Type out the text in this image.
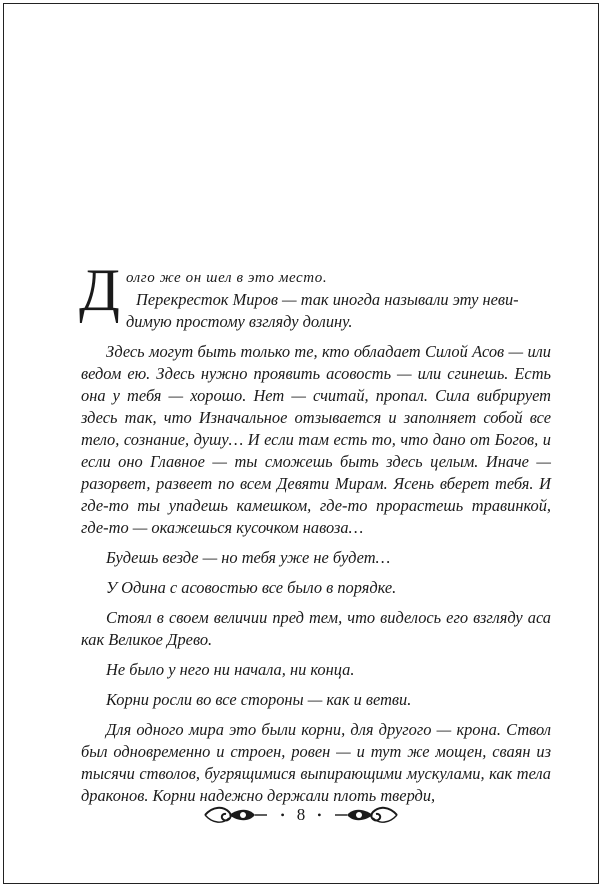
Д олго же он шел в это место.
Перекресток Миров — так иногда называли эту неви-
димую простому взгляду долину.

Здесь могут быть только те, кто обладает Силой Асов — или ведом ею. Здесь нужно проявить асовость — или сгинешь. Есть она у тебя — хорошо. Нет — считай, пропал. Сила вибрирует здесь так, что Изначальное отзывается и заполняет собой все тело, сознание, душу… И если там есть то, что дано от Богов, и если оно Главное — ты сможешь быть здесь целым. Иначе — разорвет, развеет по всем Девяти Мирам. Ясень вберет тебя. И где-то ты упадешь камешком, где-то прорастешь травинкой, где-то — окажешься кусочком навоза…

Будешь везде — но тебя уже не будет…

У Одина с асовостью все было в порядке.

Стоял в своем величии пред тем, что виделось его взгляду аса как Великое Древо.

Не было у него ни начала, ни конца.

Корни росли во все стороны — как и ветви.

Для одного мира это были корни, для другого — крона. Ствол был одновременно и строен, ровен — и тут же мощен, сваян из тысячи стволов, бугрящимися выпирающими мускулами, как тела драконов. Корни надежно держали плоть тверди,

• 8 •
